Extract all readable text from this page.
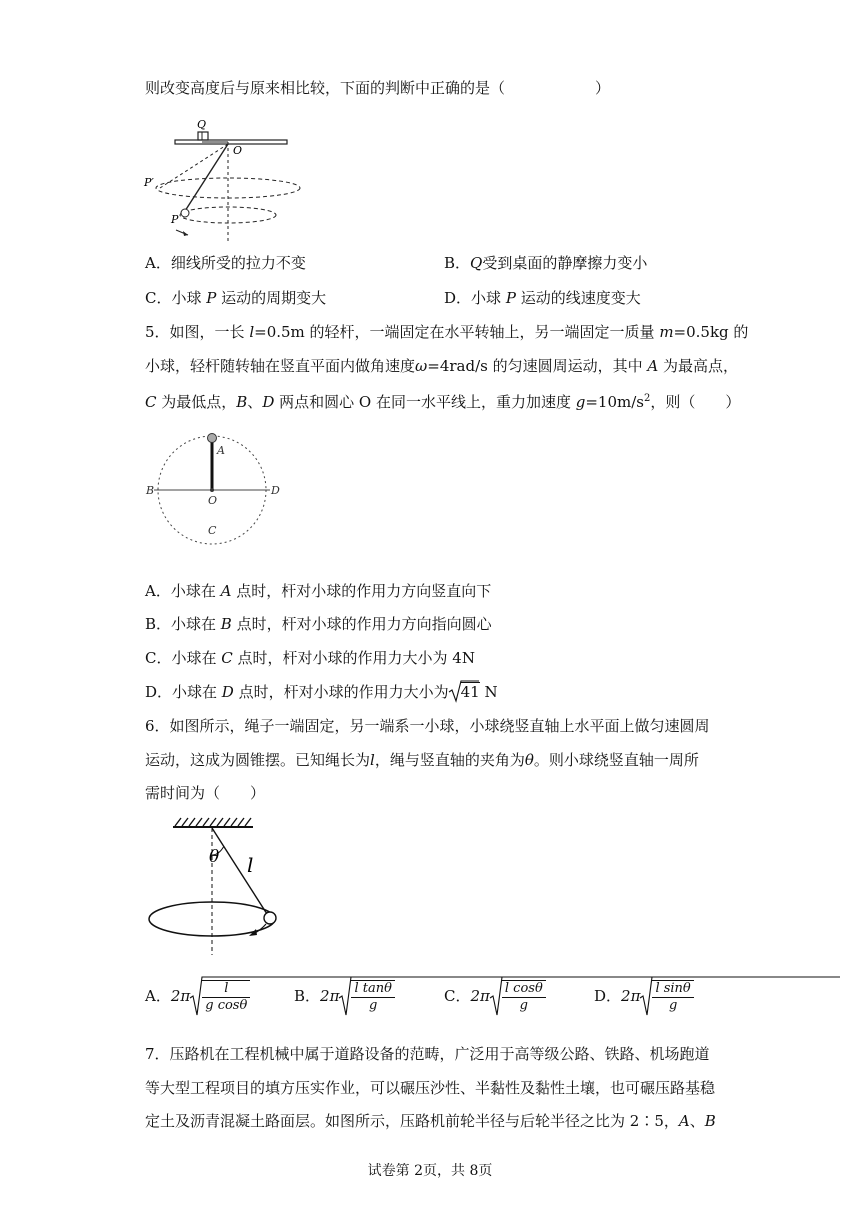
则改变高度后与原来相比较，下面的判断中正确的是（　　　　　　）
Q
O
P′
P
A．细线所受的拉力不变	B．Q受到桌面的静摩擦力变小
C．小球 P 运动的周期变大	D．小球 P 运动的线速度变大
5．如图，一长 l=0.5m 的轻杆，一端固定在水平转轴上，另一端固定一质量 m=0.5kg 的
小球，轻杆随转轴在竖直平面内做角速度ω=4rad/s 的匀速圆周运动，其中 A 为最高点，
C 为最低点，B、D 两点和圆心 O 在同一水平线上，重力加速度 $g=10m/s^2$，则（　　）
A
B
O
D
C
A．小球在 A 点时，杆对小球的作用力方向竖直向下
B．小球在 B 点时，杆对小球的作用力方向指向圆心
C．小球在 C 点时，杆对小球的作用力大小为 4N
D．小球在 D 点时，杆对小球的作用力大小为 41 N
6．如图所示，绳子一端固定，另一端系一小球，小球绕竖直轴上水平面上做匀速圆周
运动，这成为圆锥摆。已知绳长为l，绳与竖直轴的夹角为θ。则小球绕竖直轴一周所
需时间为（　　）
θ l
A．$2\pi \frac{l}{\text{g cosθ}}$	B．$2\pi \frac{\text{l tanθ}}{g}$	C．$2\pi \frac{\text{l cosθ}}{g}$	D．$2\pi \frac{\text{l sinθ}}{g}$
7．压路机在工程机械中属于道路设备的范畴，广泛用于高等级公路、铁路、机场跑道
等大型工程项目的填方压实作业，可以碾压沙性、半黏性及黏性土壤，也可碾压路基稳
定土及沥青混凝土路面层。如图所示，压路机前轮半径与后轮半径之比为 2∶5，A、B
试卷第 2页，共 8页
